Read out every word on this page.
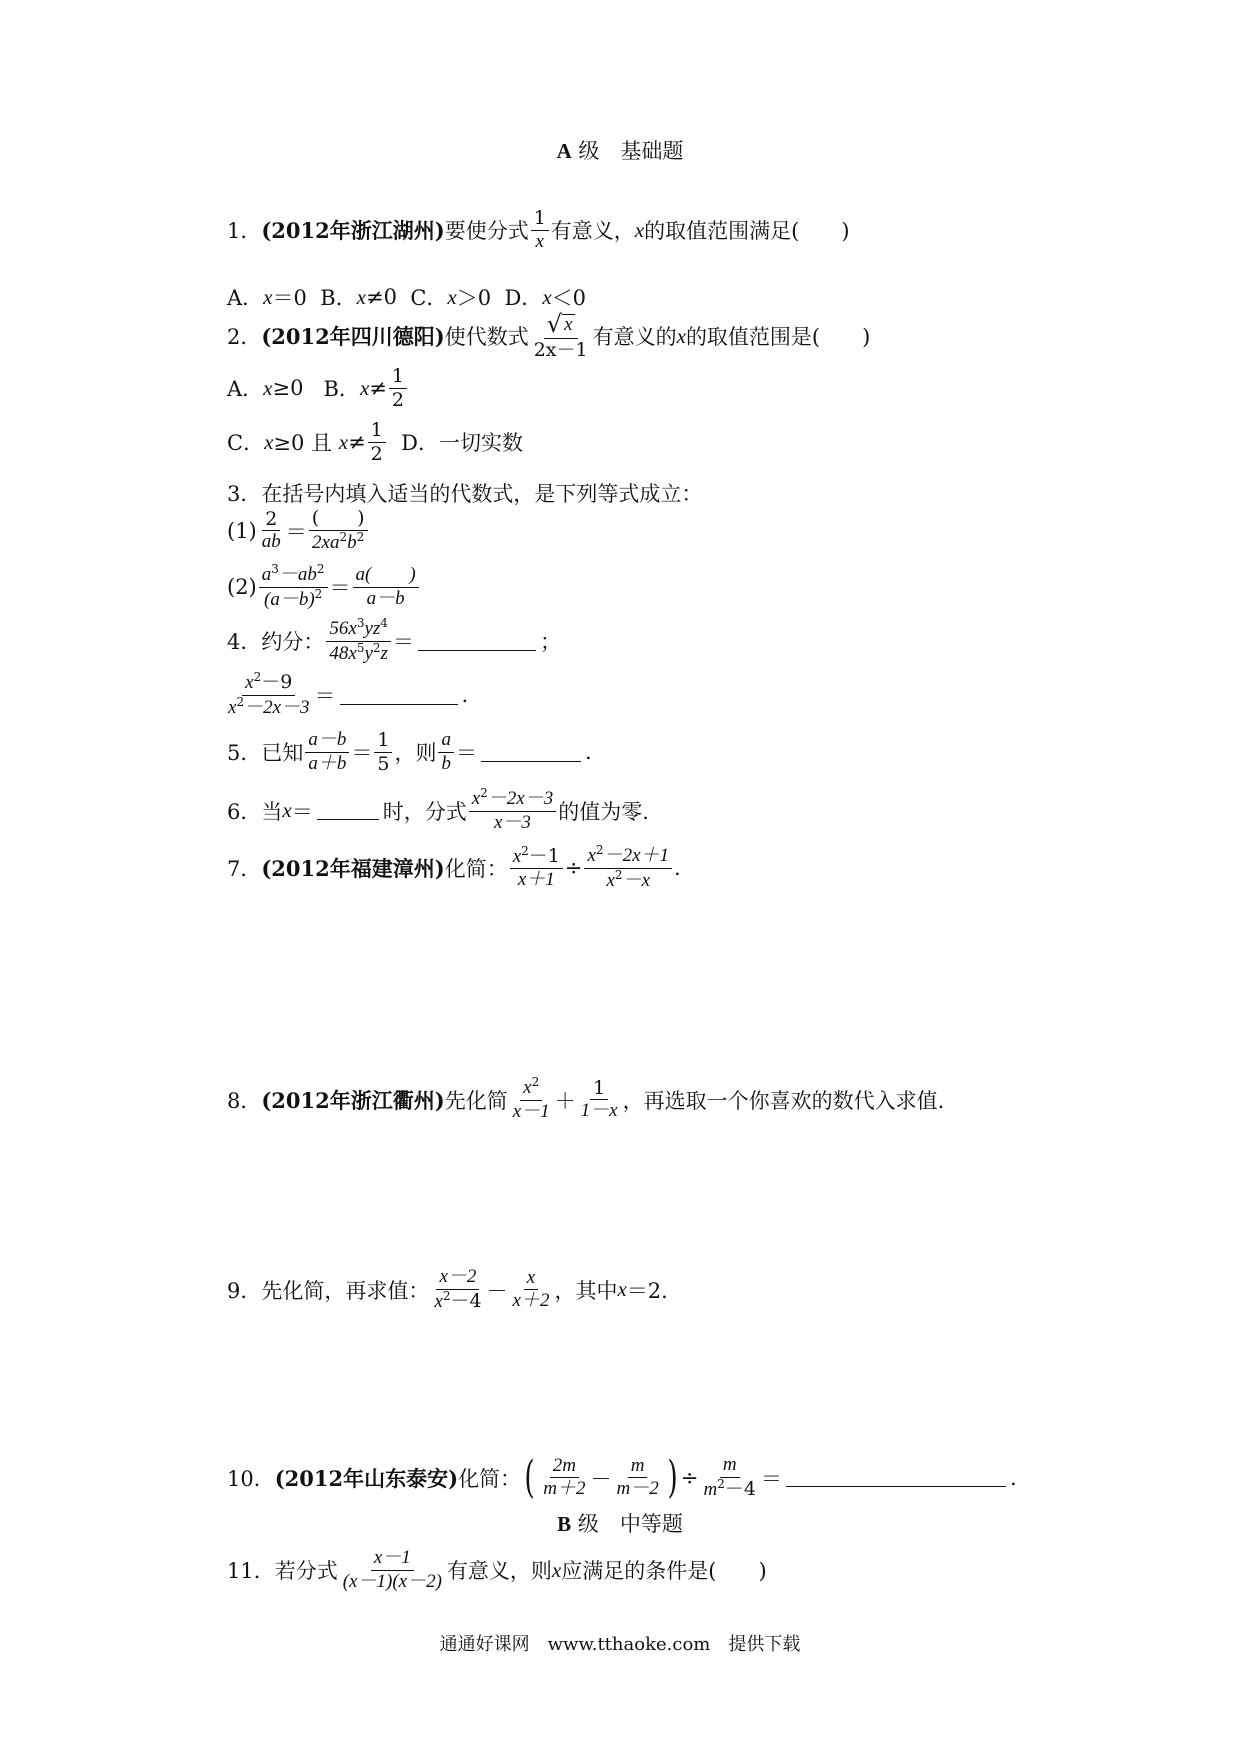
A 级　基础题
1． (2012年浙江湖州) 要使分式 $\frac{1}{x}$ 有意义， x 的取值范围满足(　　)
A． x ＝0
B． x ≠0
C． x ＞0
D． x ＜0
2． (2012年四川德阳) 使代数式 $\frac{√ x}{2x-1}$ 有意义的 x 的取值范围是(　　)
A． x ≥0
B． $x \ne \frac{1}{2}$
C． x ≥0 且
$x \ne \frac{1}{2}$
D． 一切实数
3． 在括号内填入适当的代数式，是下列等式成立：
$(1) \frac{2}{ab} = \frac{( )}{2xa^2b^2}$
$(2) \frac{a^3-ab^2}{(a-b)^2} = \frac{a( )}{a-b}$
4． 约分： $\frac{56x^3yz^4}{48x^5y^2z}$ ＝	；
$\frac{x^2-9}{x^2-2x-3}$ ＝	.
5． 已知 $\frac{a-b}{a+b} = \frac{1}{5}$ ，则 $\frac{a}{b}$ ＝	.
6． 当 x ＝	时，分式 $\frac{x^2-2x-3}{x-3}$ 的值为零.
7． (2012年福建漳州) 化简： $\frac{x^2-1}{x+1} \div \frac{x^2-2x+1}{x^2-x}$ .
8． (2012年浙江衢州) 先化简 $\frac{x^2}{x-1} + \frac{1}{1-x}$ ，再选取一个你喜欢的数代入求值.
9． 先化简，再求值： $\frac{x-2}{x^2-4} - \frac{x}{x+2}$ ，其中 x ＝2.
10． (2012年山东泰安) 化简： ( $\frac{2m}{m+2} - \frac{m}{m-2}$ ) ÷ $\frac{m}{m^2-4}$ ＝	.
B 级　中等题
11． 若分式 $\frac{x-1}{(x-1)(x-2)}$ 有意义，则 x 应满足的条件是(　　)
通通好课网　www.tthaoke.com　提供下载
